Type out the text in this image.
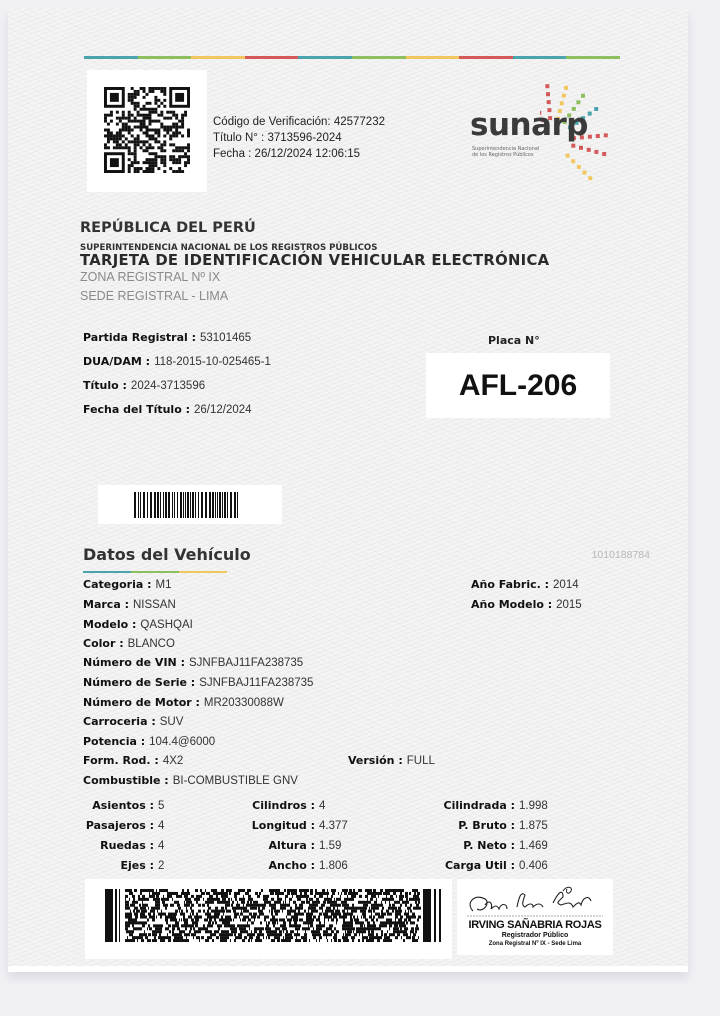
Código de Verificación: 42577232
Título N° : 3713596-2024
Fecha : 26/12/2024 12:06:15
sunarp
Superintendencia Nacional
de los Registros Públicos
REPÚBLICA DEL PERÚ
SUPERINTENDENCIA NACIONAL DE LOS REGISTROS PÚBLICOS
TARJETA DE IDENTIFICACIÓN VEHICULAR ELECTRÓNICA
ZONA REGISTRAL Nº IX
SEDE REGISTRAL - LIMA
Partida Registral : 53101465
DUA/DAM : 118-2015-10-025465-1
Título : 2024-3713596
Fecha del Título : 26/12/2024
Placa N°
AFL-206
Datos del Vehículo	1010188784
Categoria : M1
Marca : NISSAN
Modelo : QASHQAI
Color : BLANCO
Número de VIN : SJNFBAJ11FA238735
Número de Serie : SJNFBAJ11FA238735
Número de Motor : MR20330088W
Carroceria : SUV
Potencia : 104.4@6000
Form. Rod. : 4X2	Versión : FULL
Combustible : BI-COMBUSTIBLE GNV
Año Fabric. : 2014
Año Modelo : 2015
Asientos : 5
Pasajeros : 4
Ruedas : 4
Ejes : 2
Cilindros : 4
Longitud : 4.377
Altura : 1.59
Ancho : 1.806
Cilindrada : 1.998
P. Bruto : 1.875
P. Neto : 1.469
Carga Util : 0.406
IRVING SAÑABRIA ROJAS
Registrador Público
Zona Registral Nº IX - Sede Lima
